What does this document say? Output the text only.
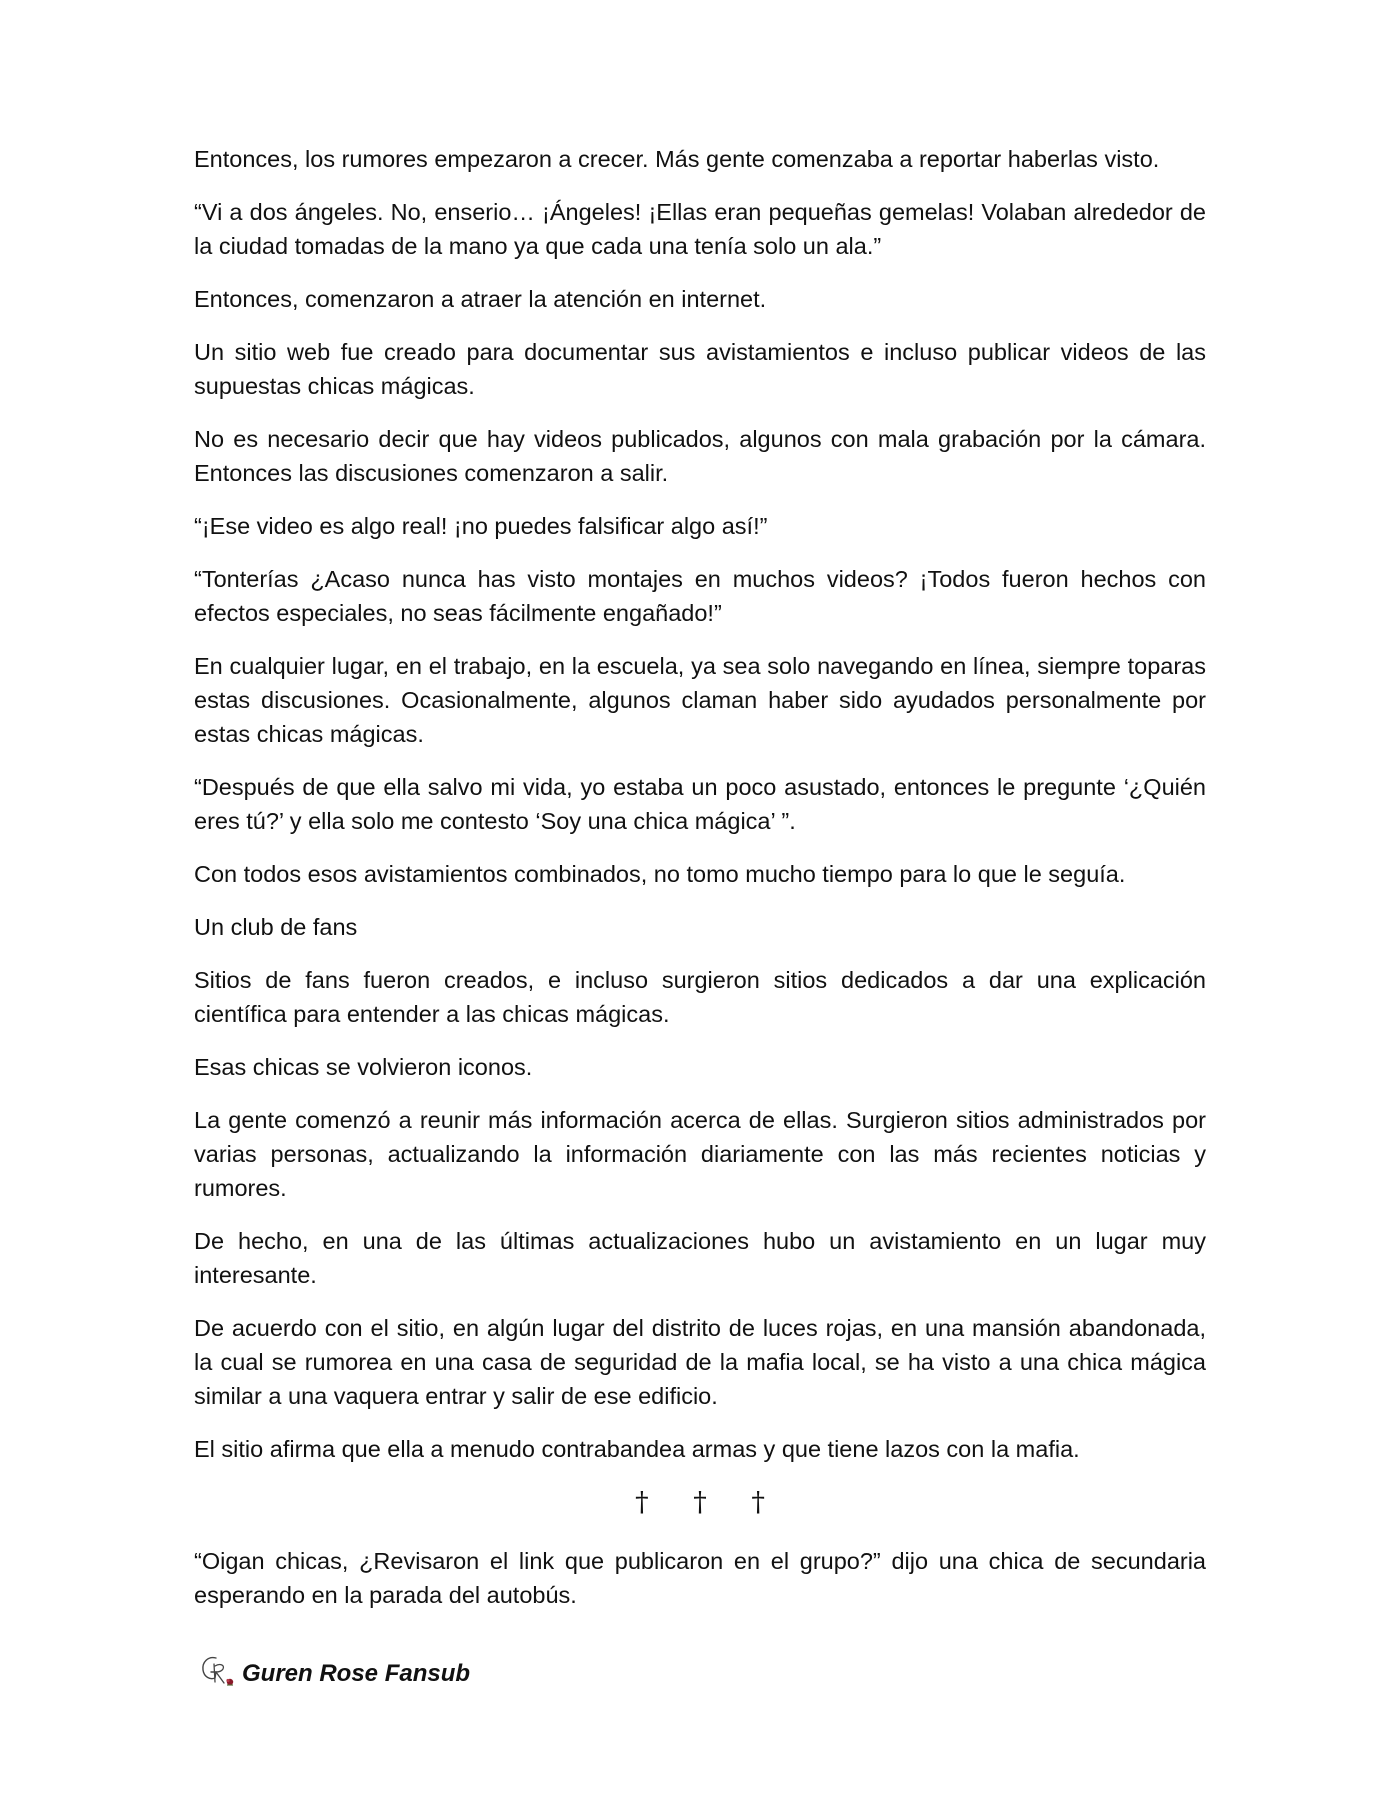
Entonces, los rumores empezaron a crecer. Más gente comenzaba a reportar haberlas visto.

“Vi a dos ángeles. No, enserio… ¡Ángeles! ¡Ellas eran pequeñas gemelas! Volaban alrededor de la ciudad tomadas de la mano ya que cada una tenía solo un ala.”

Entonces, comenzaron a atraer la atención en internet.

Un sitio web fue creado para documentar sus avistamientos e incluso publicar videos de las supuestas chicas mágicas.

No es necesario decir que hay videos publicados, algunos con mala grabación por la cámara. Entonces las discusiones comenzaron a salir.

“¡Ese video es algo real! ¡no puedes falsificar algo así!”

“Tonterías ¿Acaso nunca has visto montajes en muchos videos? ¡Todos fueron hechos con efectos especiales, no seas fácilmente engañado!”

En cualquier lugar, en el trabajo, en la escuela, ya sea solo navegando en línea, siempre toparas estas discusiones. Ocasionalmente, algunos claman haber sido ayudados personalmente por estas chicas mágicas.

“Después de que ella salvo mi vida, yo estaba un poco asustado, entonces le pregunte ‘¿Quién eres tú?’ y ella solo me contesto ‘Soy una chica mágica’ ”.

Con todos esos avistamientos combinados, no tomo mucho tiempo para lo que le seguía.

Un club de fans

Sitios de fans fueron creados, e incluso surgieron sitios dedicados a dar una explicación científica para entender a las chicas mágicas.

Esas chicas se volvieron iconos.

La gente comenzó a reunir más información acerca de ellas. Surgieron sitios administrados por varias personas, actualizando la información diariamente con las más recientes noticias y rumores.

De hecho, en una de las últimas actualizaciones hubo un avistamiento en un lugar muy interesante.

De acuerdo con el sitio, en algún lugar del distrito de luces rojas, en una mansión abandonada, la cual se rumorea en una casa de seguridad de la mafia local, se ha visto a una chica mágica similar a una vaquera entrar y salir de ese edificio.

El sitio afirma que ella a menudo contrabandea armas y que tiene lazos con la mafia.

† † †

“Oigan chicas, ¿Revisaron el link que publicaron en el grupo?” dijo una chica de secundaria esperando en la parada del autobús.

Guren Rose Fansub
